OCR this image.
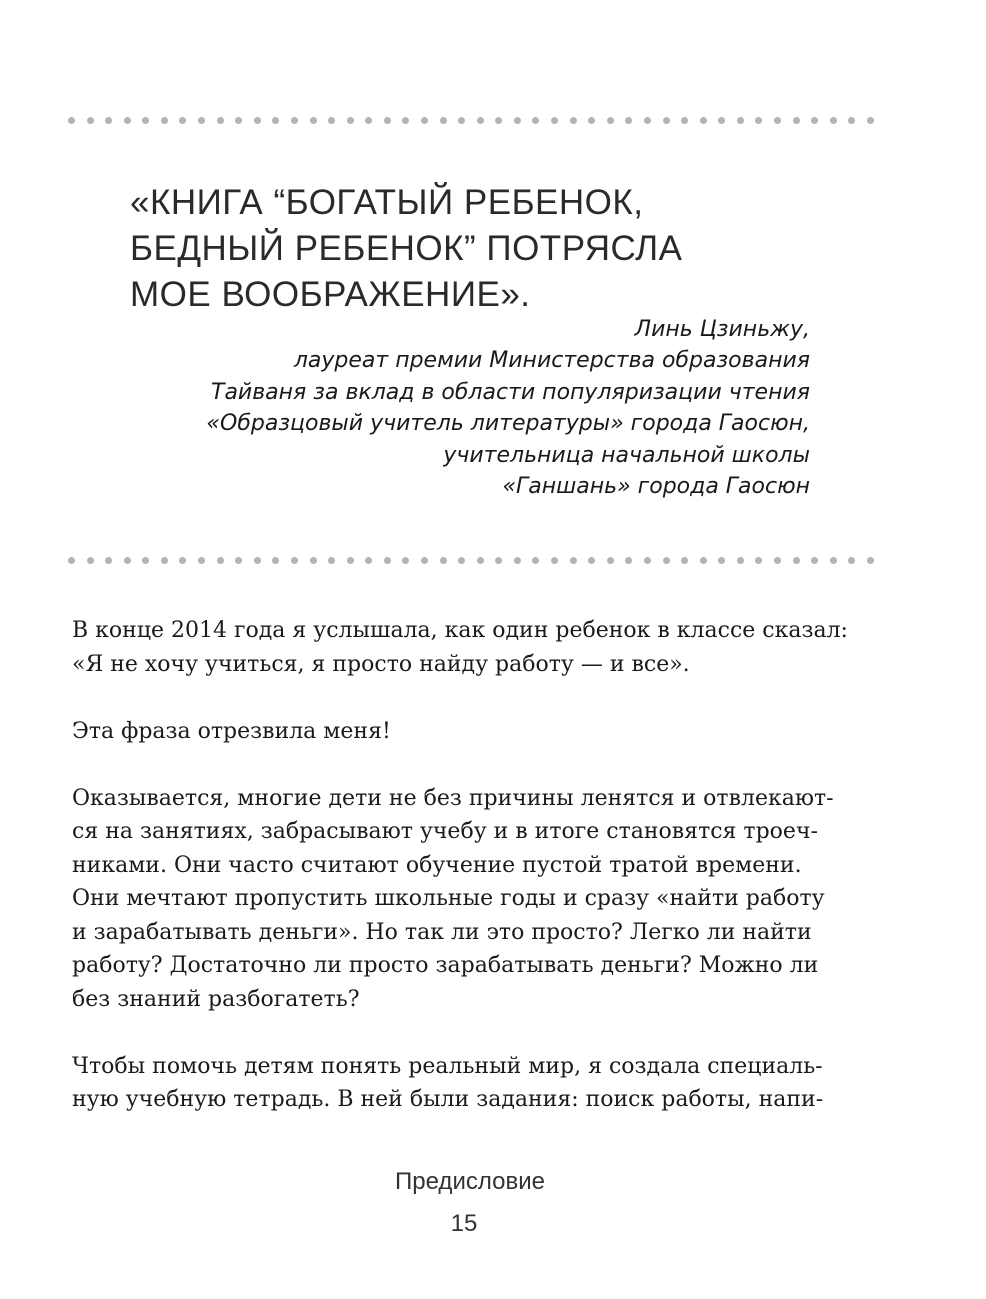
«КНИГА “БОГАТЫЙ РЕБЕНОК,
БЕДНЫЙ РЕБЕНОК” ПОТРЯСЛА
МОЕ ВООБРАЖЕНИЕ».
Линь Цзиньжу,
лауреат премии Министерства образования
Тайваня за вклад в области популяризации чтения
«Образцовый учитель литературы» города Гаосюн,
учительница начальной школы
«Ганшань» города Гаосюн

В конце 2014 года я услышала, как один ребенок в классе сказал:
«Я не хочу учиться, я просто найду работу — и все».

Эта фраза отрезвила меня!

Оказывается, многие дети не без причины ленятся и отвлекают-
ся на занятиях, забрасывают учебу и в итоге становятся троеч-
никами. Они часто считают обучение пустой тратой времени.
Они мечтают пропустить школьные годы и сразу «найти работу
и зарабатывать деньги». Но так ли это просто? Легко ли найти
работу? Достаточно ли просто зарабатывать деньги? Можно ли
без знаний разбогатеть?

Чтобы помочь детям понять реальный мир, я создала специаль-
ную учебную тетрадь. В ней были задания: поиск работы, напи-

Предисловие
15
